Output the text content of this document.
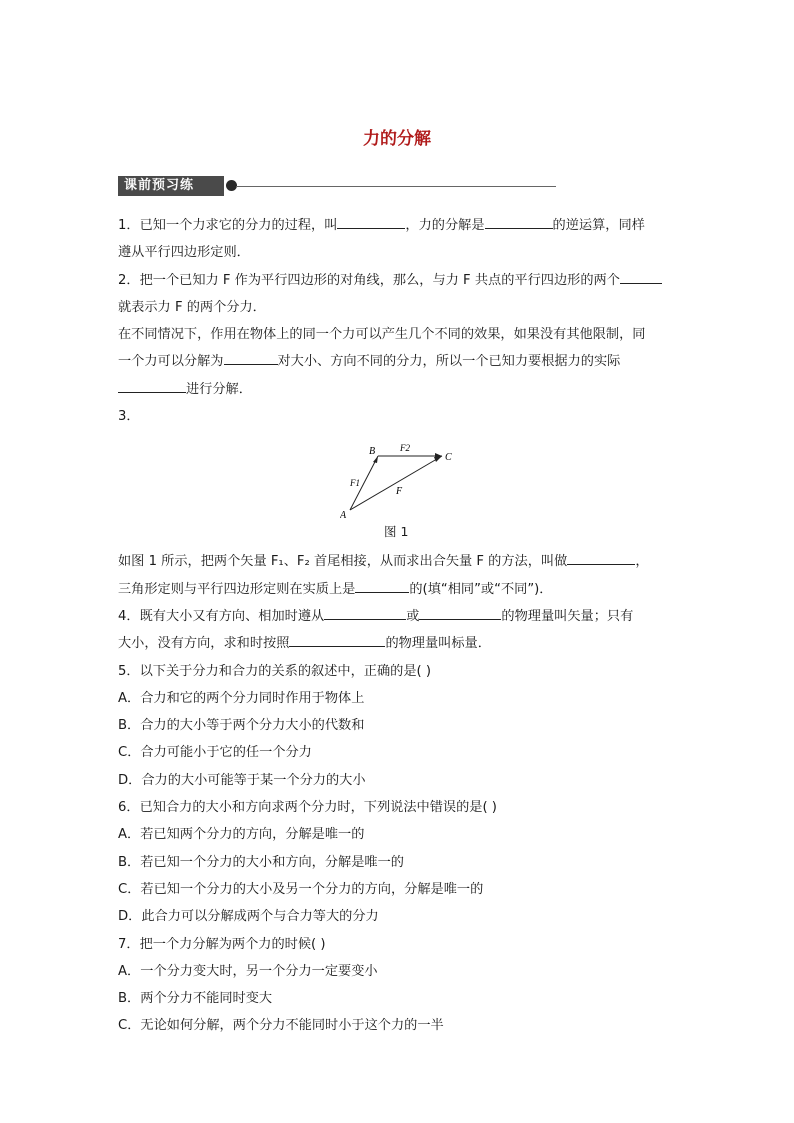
力的分解
课前预习练

1．已知一个力求它的分力的过程，叫	，力的分解是	的逆运算，同样

遵从平行四边形定则．

2．把一个已知力 F 作为平行四边形的对角线，那么，与力 F 共点的平行四边形的两个

就表示力 F 的两个分力．

在不同情况下，作用在物体上的同一个力可以产生几个不同的效果，如果没有其他限制，同

一个力可以分解为	对大小、方向不同的分力，所以一个已知力要根据力的实际

进行分解．

3．

A
B
C
F1
F2
F
图 1

如图 1 所示，把两个矢量 F₁、F₂ 首尾相接，从而求出合矢量 F 的方法，叫做	，

三角形定则与平行四边形定则在实质上是	的(填“相同”或“不同”)．

4．既有大小又有方向、相加时遵从	或	的物理量叫矢量；只有

大小，没有方向，求和时按照	的物理量叫标量．

5．以下关于分力和合力的关系的叙述中，正确的是( )

A．合力和它的两个分力同时作用于物体上

B．合力的大小等于两个分力大小的代数和

C．合力可能小于它的任一个分力

D．合力的大小可能等于某一个分力的大小

6．已知合力的大小和方向求两个分力时，下列说法中错误的是( )

A．若已知两个分力的方向，分解是唯一的

B．若已知一个分力的大小和方向，分解是唯一的

C．若已知一个分力的大小及另一个分力的方向，分解是唯一的

D．此合力可以分解成两个与合力等大的分力

7．把一个力分解为两个力的时候( )

A．一个分力变大时，另一个分力一定要变小

B．两个分力不能同时变大

C．无论如何分解，两个分力不能同时小于这个力的一半
